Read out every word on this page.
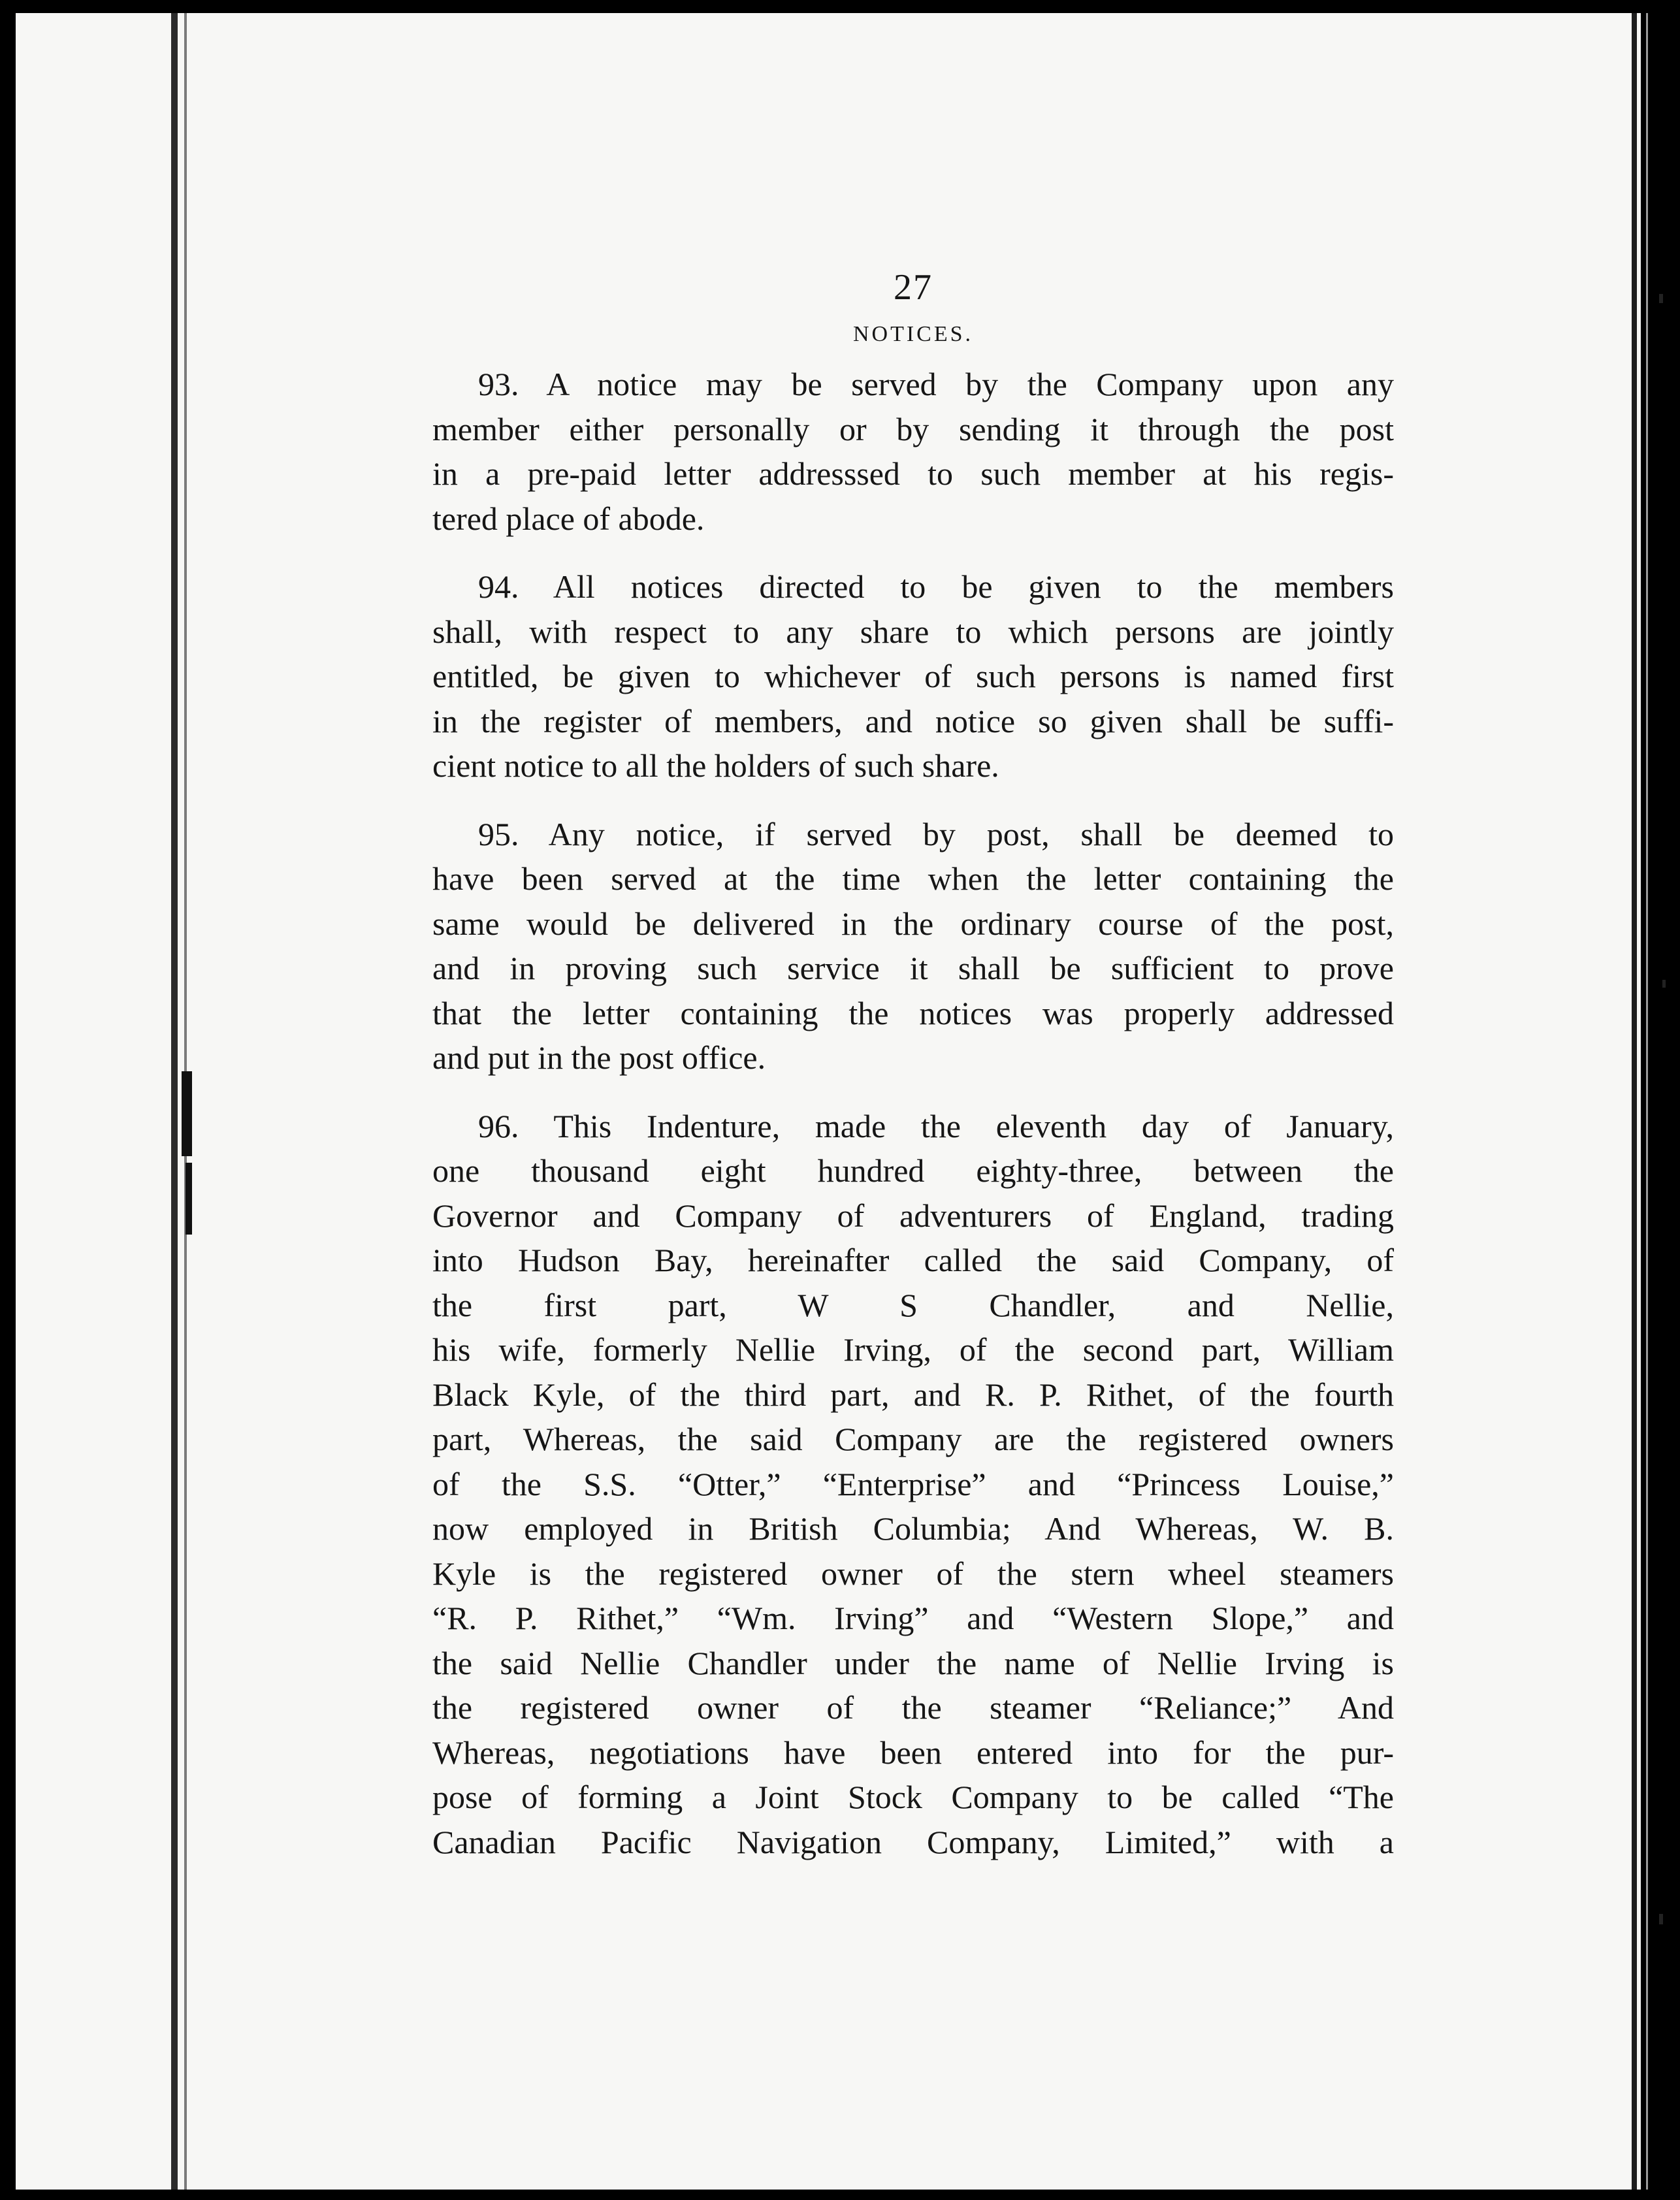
27

NOTICES.

93. A notice may be served by the Company upon any
member either personally or by sending it through the post
in a pre-paid letter addresssed to such member at his regis-
tered place of abode.
94. All notices directed to be given to the members
shall, with respect to any share to which persons are jointly
entitled, be given to whichever of such persons is named first
in the register of members, and notice so given shall be suffi-
cient notice to all the holders of such share.
95. Any notice, if served by post, shall be deemed to
have been served at the time when the letter containing the
same would be delivered in the ordinary course of the post,
and in proving such service it shall be sufficient to prove
that the letter containing the notices was properly addressed
and put in the post office.
96. This Indenture, made the eleventh day of January,
one thousand eight hundred eighty-three, between the
Governor and Company of adventurers of England, trading
into Hudson Bay, hereinafter called the said Company, of
the first part, W S Chandler, and Nellie,
his wife, formerly Nellie Irving, of the second part, William
Black Kyle, of the third part, and R. P. Rithet, of the fourth
part, Whereas, the said Company are the registered owners
of the S.S. “Otter,” “Enterprise” and “Princess Louise,”
now employed in British Columbia; And Whereas, W. B.
Kyle is the registered owner of the stern wheel steamers
“R. P. Rithet,” “Wm. Irving” and “Western Slope,” and
the said Nellie Chandler under the name of Nellie Irving is
the registered owner of the steamer “Reliance;” And
Whereas, negotiations have been entered into for the pur-
pose of forming a Joint Stock Company to be called “The
Canadian Pacific Navigation Company, Limited,” with a
